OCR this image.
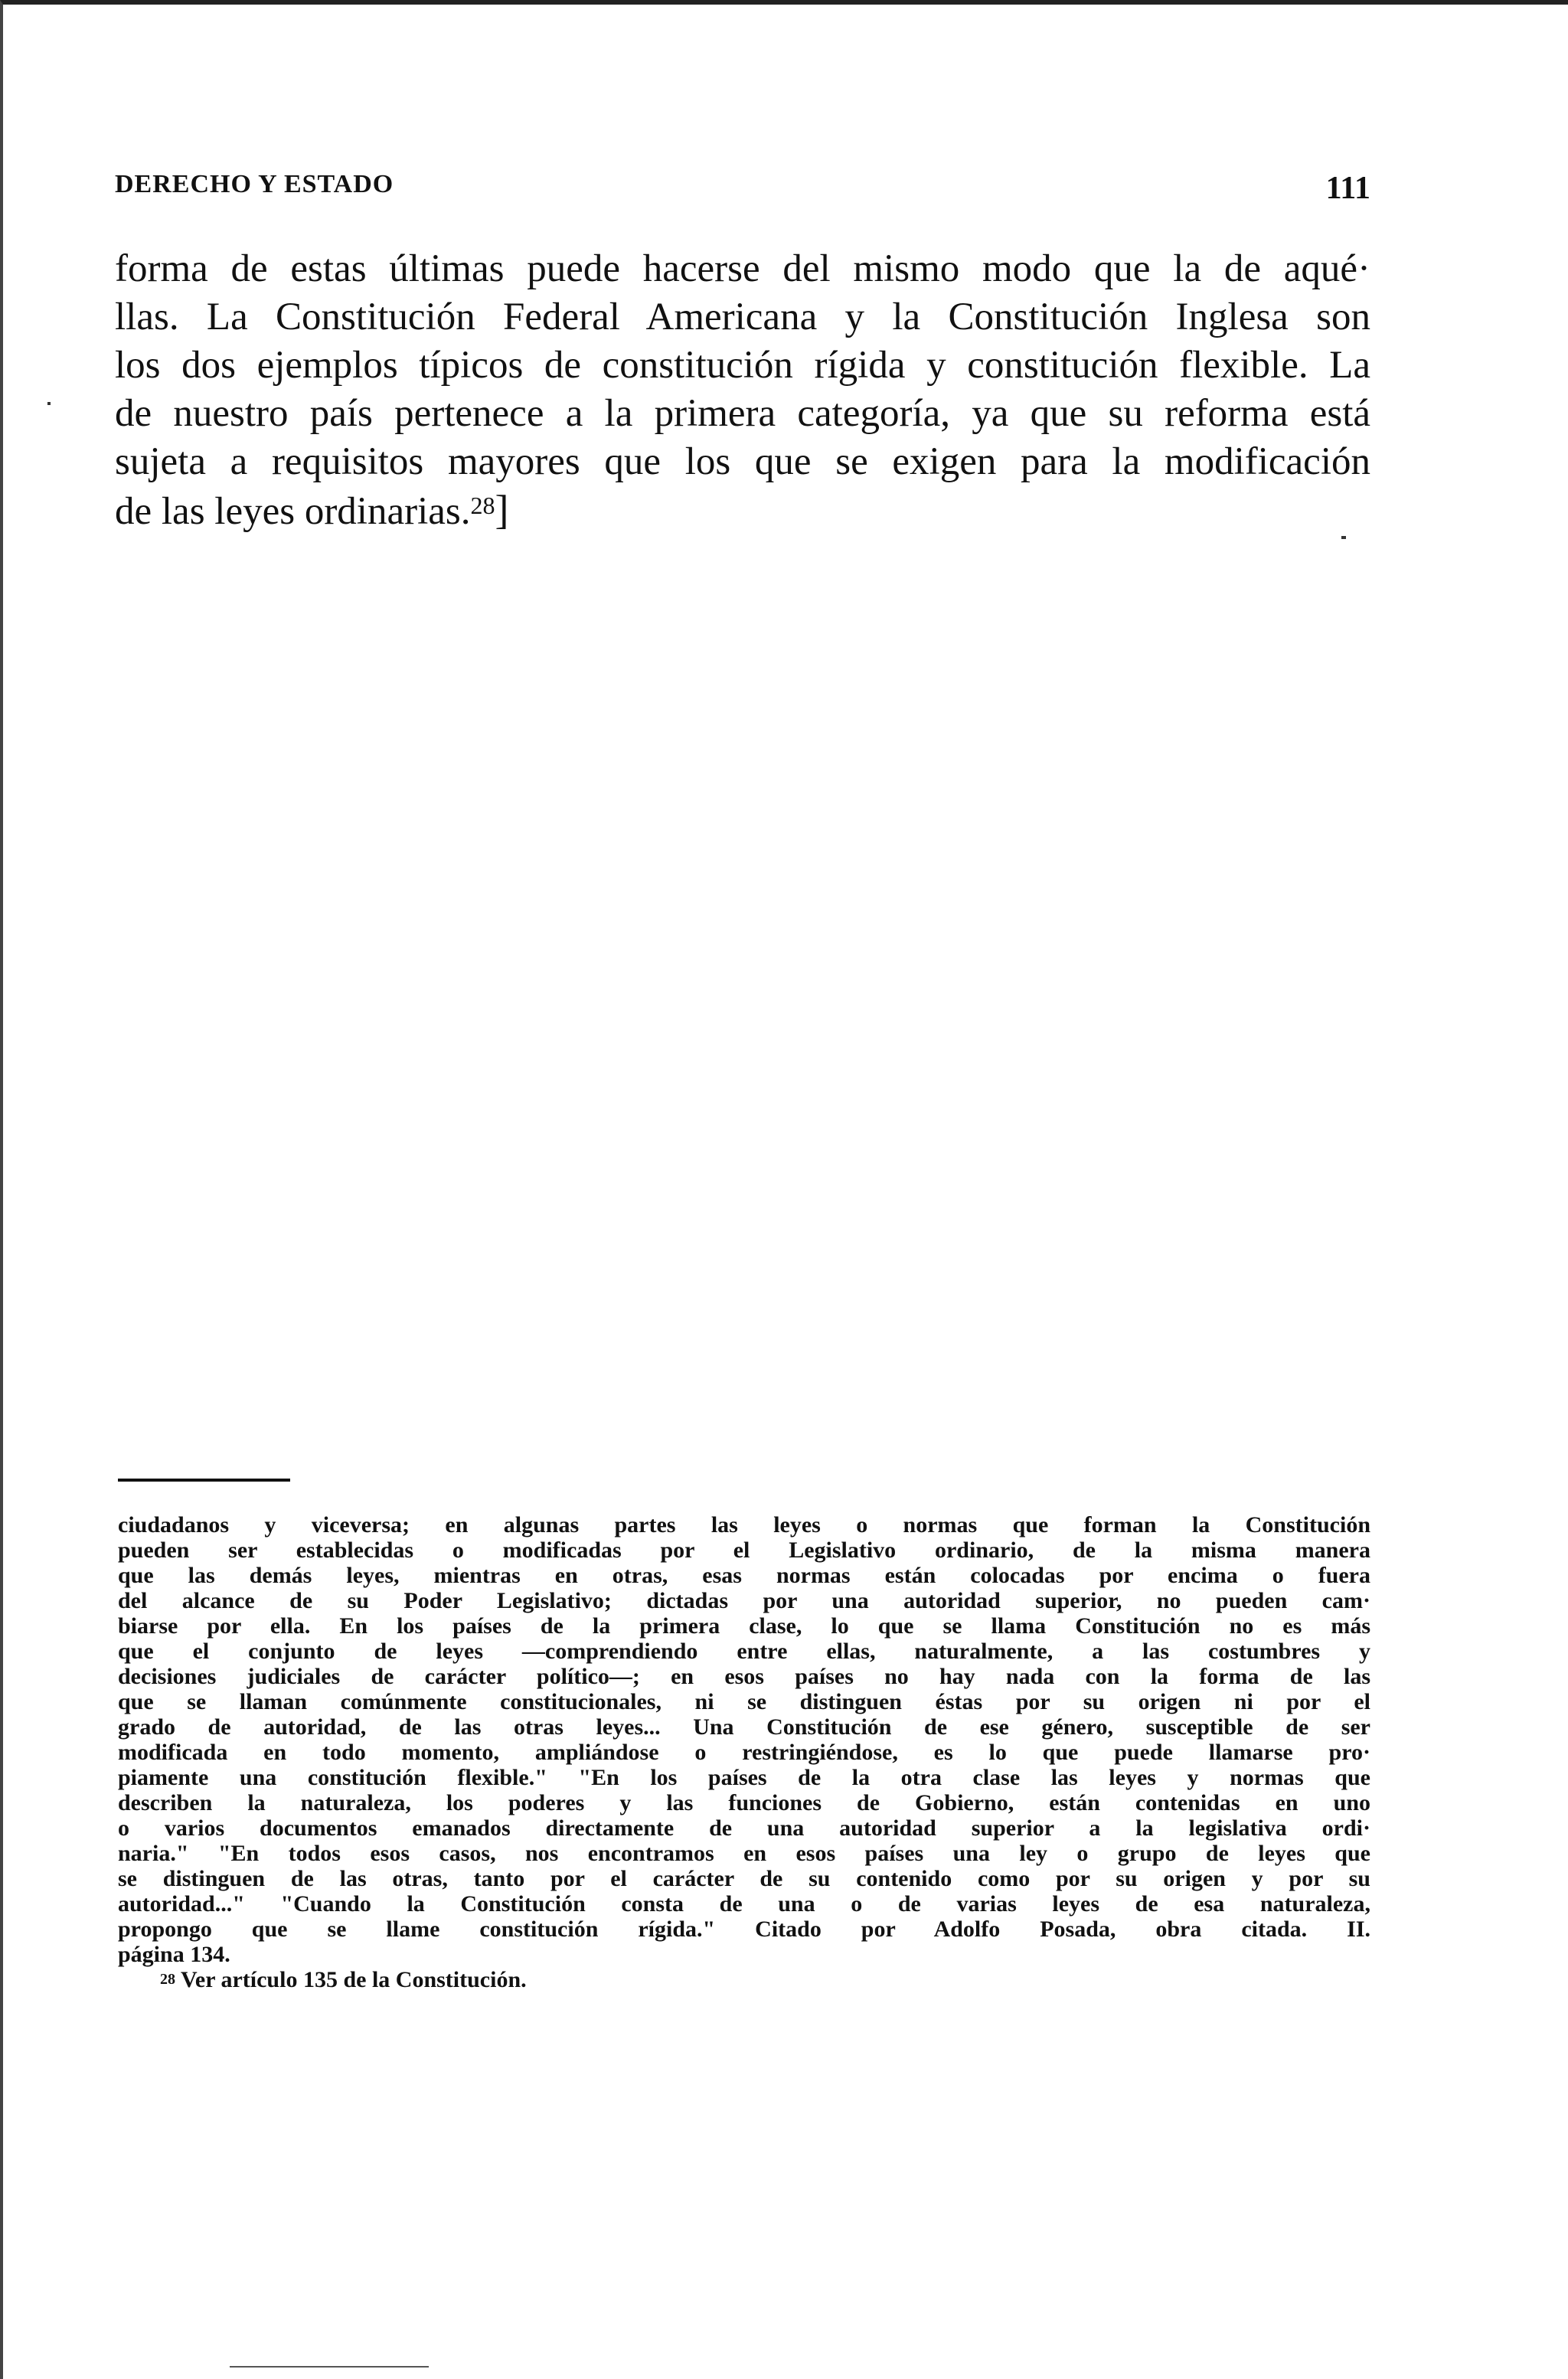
DERECHO Y ESTADO	111
forma de estas últimas puede hacerse del mismo modo que la de aqué·
llas. La Constitución Federal Americana y la Constitución Inglesa son
los dos ejemplos típicos de constitución rígida y constitución flexible. La
de nuestro país pertenece a la primera categoría, ya que su reforma está
sujeta a requisitos mayores que los que se exigen para la modificación
de las leyes ordinarias.$^{28}$]
ciudadanos y viceversa; en algunas partes las leyes o normas que forman la Constitución
pueden ser establecidas o modificadas por el Legislativo ordinario, de la misma manera
que las demás leyes, mientras en otras, esas normas están colocadas por encima o fuera
del alcance de su Poder Legislativo; dictadas por una autoridad superior, no pueden cam·
biarse por ella. En los países de la primera clase, lo que se llama Constitución no es más
que el conjunto de leyes —comprendiendo entre ellas, naturalmente, a las costumbres y
decisiones judiciales de carácter político—; en esos países no hay nada con la forma de las
que se llaman comúnmente constitucionales, ni se distinguen éstas por su origen ni por el
grado de autoridad, de las otras leyes... Una Constitución de ese género, susceptible de ser
modificada en todo momento, ampliándose o restringiéndose, es lo que puede llamarse pro·
piamente una constitución flexible." "En los países de la otra clase las leyes y normas que
describen la naturaleza, los poderes y las funciones de Gobierno, están contenidas en uno
o varios documentos emanados directamente de una autoridad superior a la legislativa ordi·
naria." "En todos esos casos, nos encontramos en esos países una ley o grupo de leyes que
se distinguen de las otras, tanto por el carácter de su contenido como por su origen y por su
autoridad..." "Cuando la Constitución consta de una o de varias leyes de esa naturaleza,
propongo que se llame constitución rígida." Citado por Adolfo Posada, obra citada. II.
página 134.
$^{28}$ Ver artículo 135 de la Constitución.
